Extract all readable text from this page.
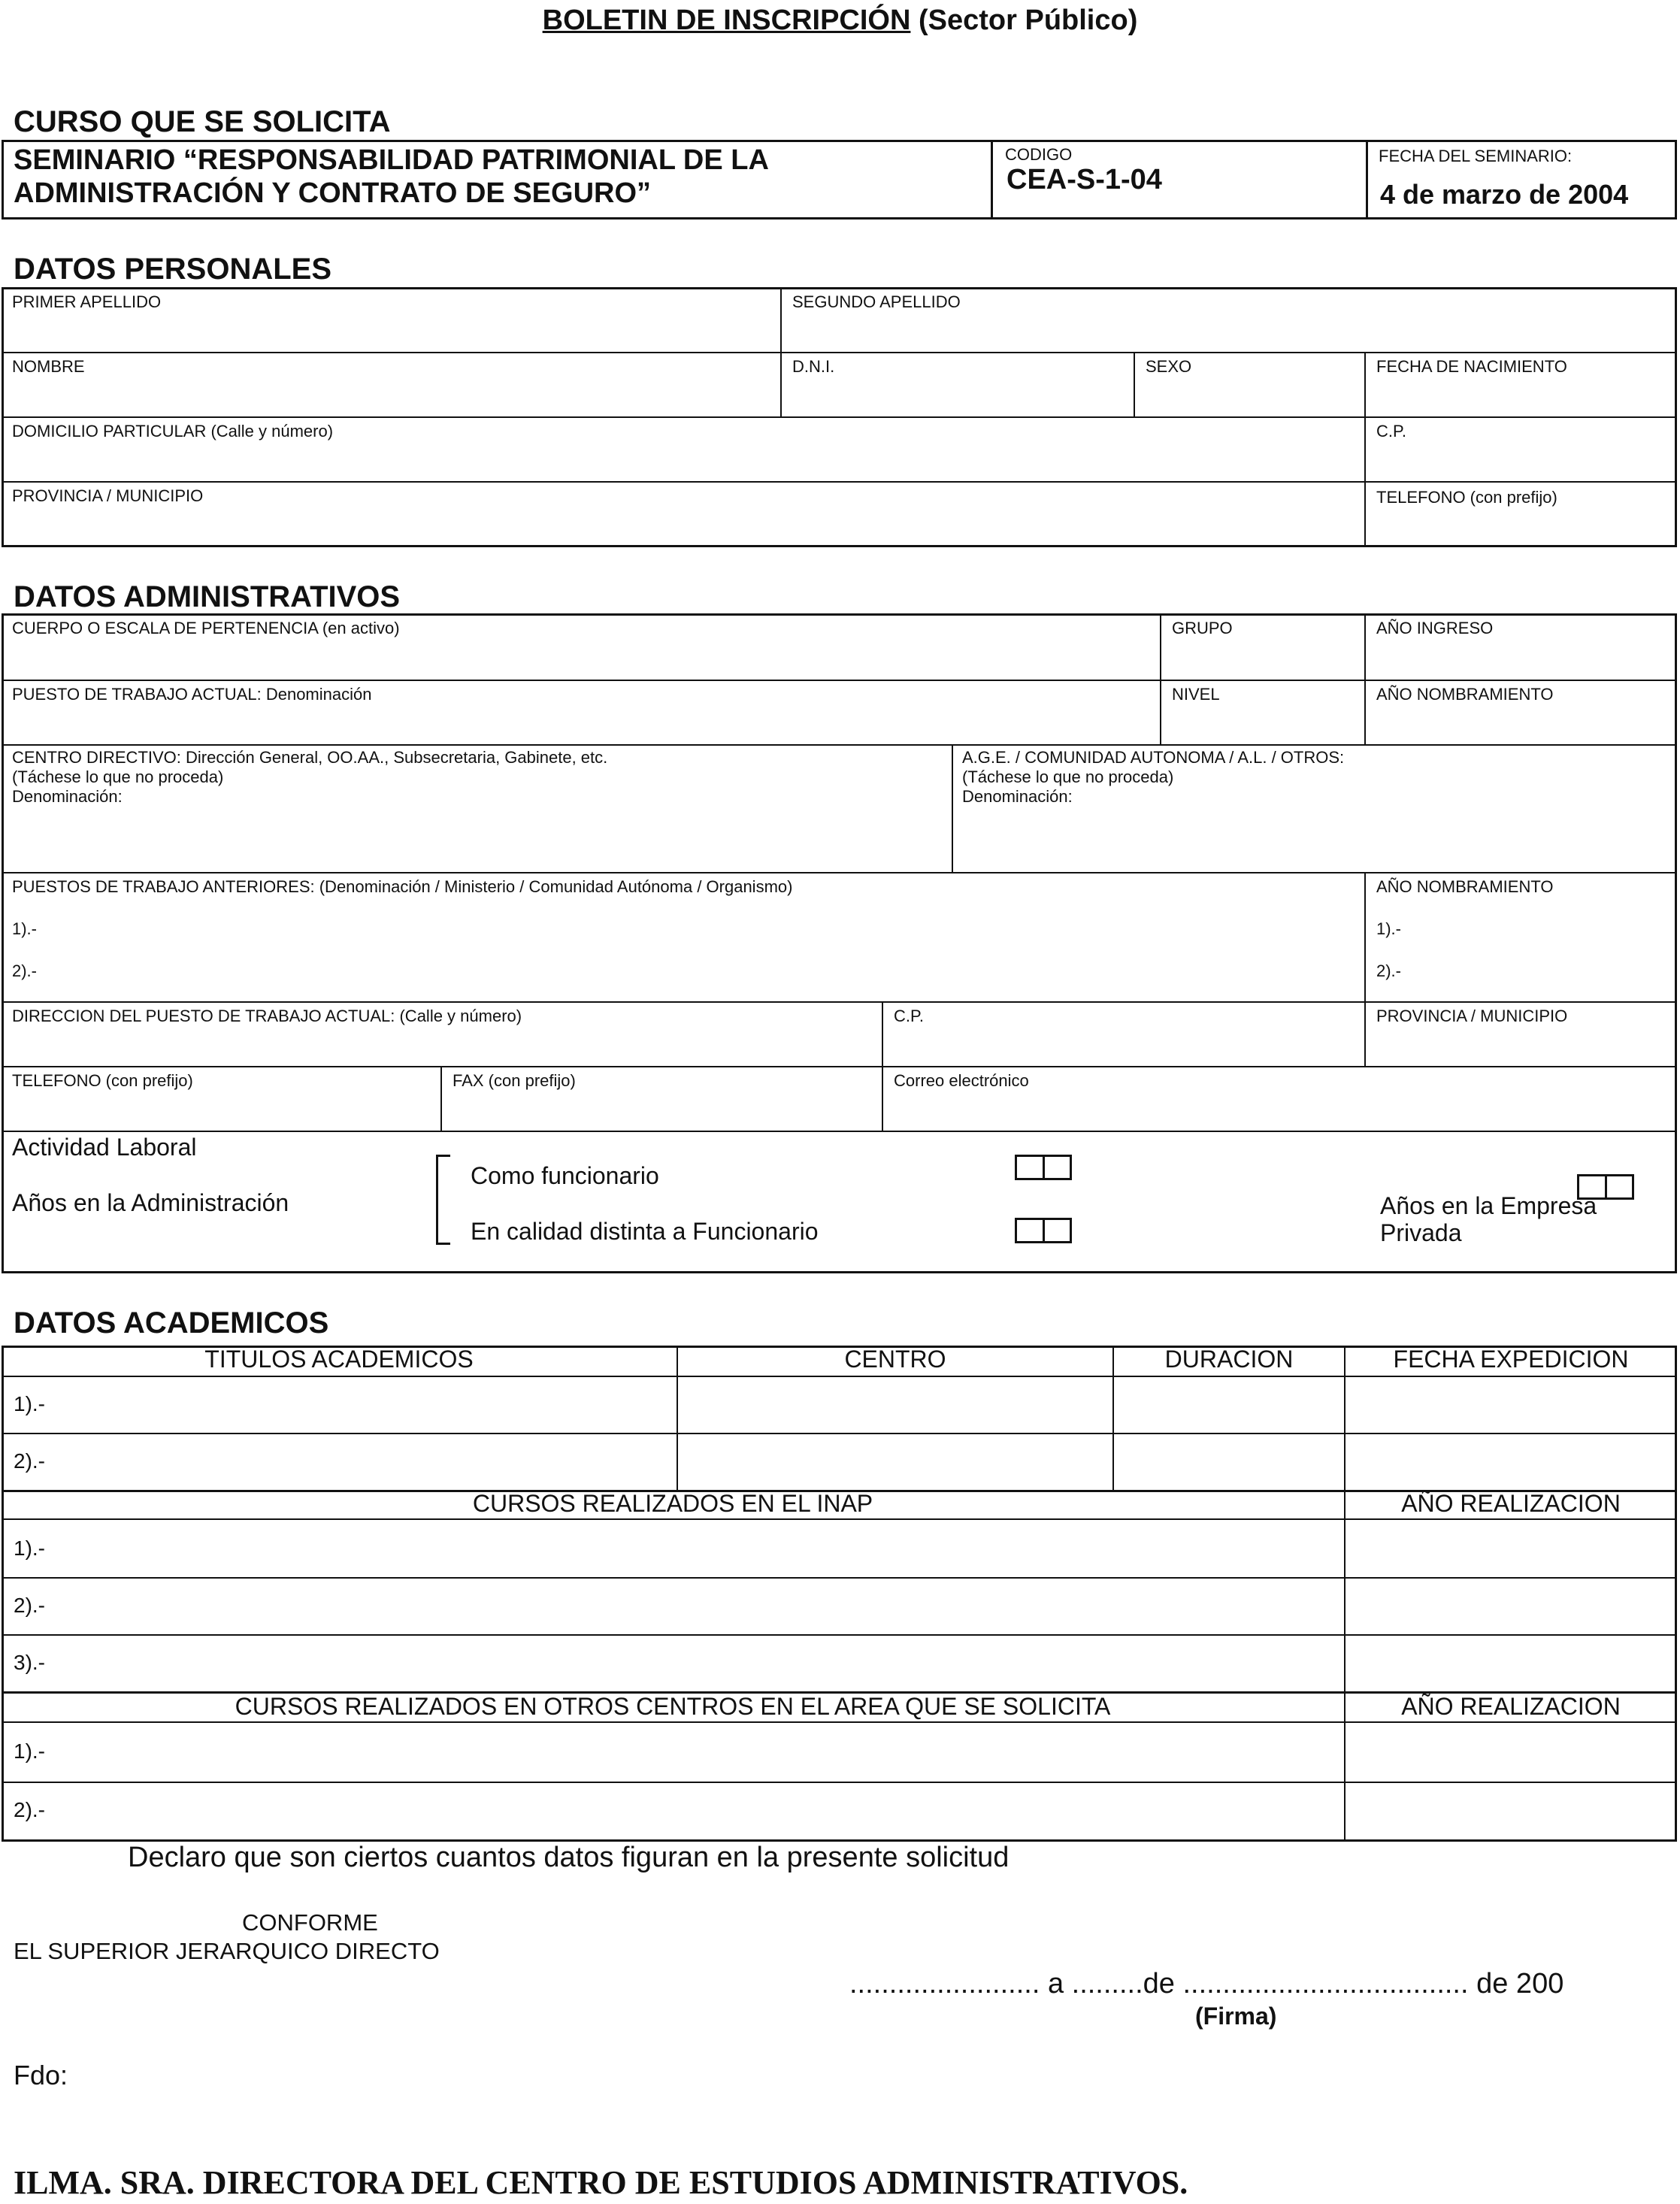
BOLETIN DE INSCRIPCIÓN (Sector Público)
CURSO QUE SE SOLICITA
SEMINARIO “RESPONSABILIDAD PATRIMONIAL DE LA
ADMINISTRACIÓN Y CONTRATO DE SEGURO”
CODIGO
CEA-S-1-04
FECHA DEL SEMINARIO:
4 de marzo de 2004
DATOS PERSONALES
PRIMER APELLIDO	SEGUNDO APELLIDO
NOMBRE	D.N.I.	SEXO	FECHA DE NACIMIENTO
DOMICILIO PARTICULAR (Calle y número)	C.P.
PROVINCIA / MUNICIPIO	TELEFONO (con prefijo)
DATOS ADMINISTRATIVOS
CUERPO O ESCALA DE PERTENENCIA (en activo)	GRUPO	AÑO INGRESO
PUESTO DE TRABAJO ACTUAL: Denominación	NIVEL	AÑO NOMBRAMIENTO
CENTRO DIRECTIVO: Dirección General, OO.AA., Subsecretaria, Gabinete, etc.
(Táchese lo que no proceda)
Denominación:
A.G.E. / COMUNIDAD AUTONOMA / A.L. / OTROS:
(Táchese lo que no proceda)
Denominación:
PUESTOS DE TRABAJO ANTERIORES: (Denominación / Ministerio / Comunidad Autónoma / Organismo)
1).-
2).-
AÑO NOMBRAMIENTO
1).-
2).-
DIRECCION DEL PUESTO DE TRABAJO ACTUAL: (Calle y número)	C.P.	PROVINCIA / MUNICIPIO
TELEFONO (con prefijo)	FAX (con prefijo)	Correo electrónico
Actividad Laboral
Años en la Administración
Como funcionario
En calidad distinta a Funcionario
Años en la Empresa
Privada
DATOS ACADEMICOS
TITULOS ACADEMICOS	CENTRO	DURACION	FECHA EXPEDICION
1).-
2).-
CURSOS REALIZADOS EN EL INAP	AÑO REALIZACION
1).-
2).-
3).-
CURSOS REALIZADOS EN OTROS CENTROS EN EL AREA QUE SE SOLICITA	AÑO REALIZACION
1).-
2).-
Declaro que son ciertos cuantos datos figuran en la presente solicitud
CONFORME
EL SUPERIOR JERARQUICO DIRECTO
........................ a .........de .................................... de 200
(Firma)
Fdo:
ILMA. SRA. DIRECTORA DEL CENTRO DE ESTUDIOS ADMINISTRATIVOS.
